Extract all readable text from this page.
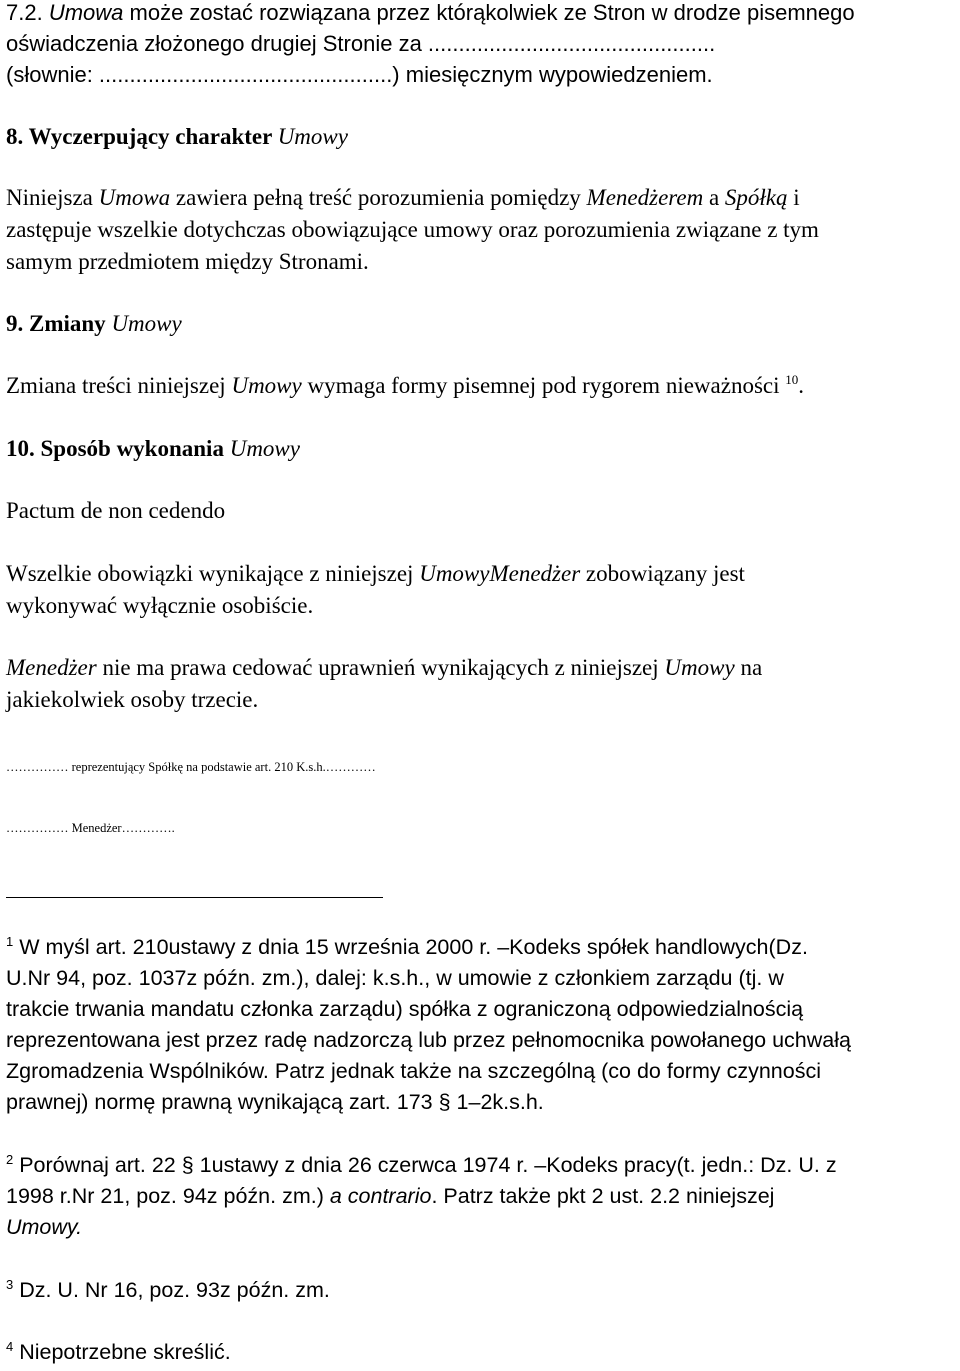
7.2. Umowa może zostać rozwiązana przez którąkolwiek ze Stron w drodze pisemnego
oświadczenia złożonego drugiej Stronie za ...............................................
(słownie: ................................................) miesięcznym wypowiedzeniem.
8. Wyczerpujący charakter Umowy
Niniejsza Umowa zawiera pełną treść porozumienia pomiędzy Menedżerem a Spółką i
zastępuje wszelkie dotychczas obowiązujące umowy oraz porozumienia związane z tym
samym przedmiotem między Stronami.
9. Zmiany Umowy
Zmiana treści niniejszej Umowy wymaga formy pisemnej pod rygorem nieważności $^{10}$.
10. Sposób wykonania Umowy
Pactum de non cedendo
Wszelkie obowiązki wynikające z niniejszej UmowyMenedżer zobowiązany jest
wykonywać wyłącznie osobiście.
Menedżer nie ma prawa cedować uprawnień wynikających z niniejszej Umowy na
jakiekolwiek osoby trzecie.
…………… reprezentujący Spółkę na podstawie art. 210 K.s.h.…………
…………… Menedżer………….
$^1$ W myśl art. 210ustawy z dnia 15 września 2000 r. –Kodeks spółek handlowych(Dz.
U.Nr 94, poz. 1037z późn. zm.), dalej: k.s.h., w umowie z członkiem zarządu (tj. w
trakcie trwania mandatu członka zarządu) spółka z ograniczoną odpowiedzialnością
reprezentowana jest przez radę nadzorczą lub przez pełnomocnika powołanego uchwałą
Zgromadzenia Wspólników. Patrz jednak także na szczególną (co do formy czynności
prawnej) normę prawną wynikającą zart. 173 § 1–2k.s.h.
$^2$ Porównaj art. 22 § 1ustawy z dnia 26 czerwca 1974 r. –Kodeks pracy(t. jedn.: Dz. U. z
1998 r.Nr 21, poz. 94z późn. zm.) a contrario. Patrz także pkt 2 ust. 2.2 niniejszej
Umowy.
$^3$ Dz. U. Nr 16, poz. 93z późn. zm.
$^4$ Niepotrzebne skreślić.
